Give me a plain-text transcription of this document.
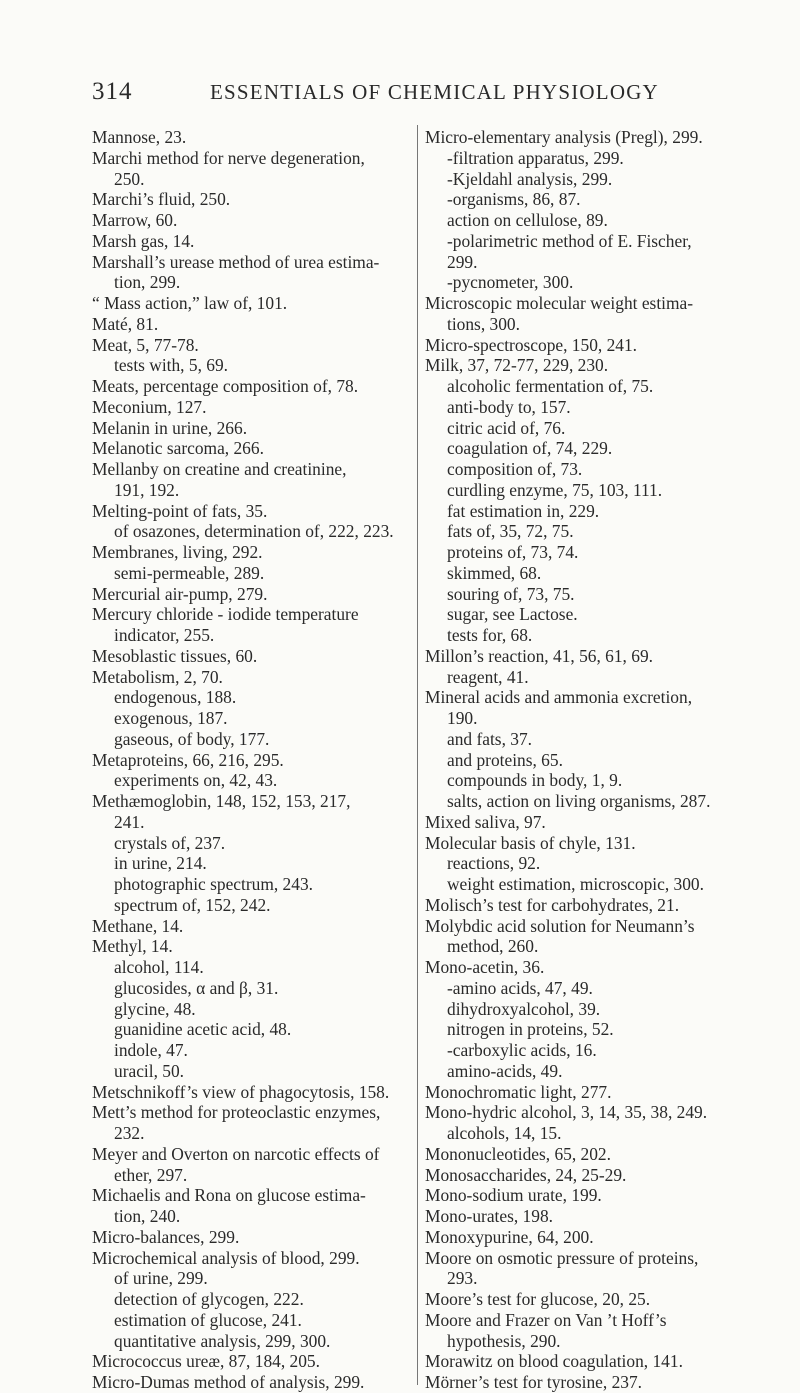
314	ESSENTIALS OF CHEMICAL PHYSIOLOGY

Mannose, 23.

Marchi method for nerve degeneration,

250.

Marchi’s fluid, 250.

Marrow, 60.

Marsh gas, 14.

Marshall’s urease method of urea estima-

tion, 299.

“ Mass action,” law of, 101.

Maté, 81.

Meat, 5, 77-78.

tests with, 5, 69.

Meats, percentage composition of, 78.

Meconium, 127.

Melanin in urine, 266.

Melanotic sarcoma, 266.

Mellanby on creatine and creatinine,

191, 192.

Melting-point of fats, 35.

of osazones, determination of, 222, 223.

Membranes, living, 292.

semi-permeable, 289.

Mercurial air-pump, 279.

Mercury chloride - iodide temperature

indicator, 255.

Mesoblastic tissues, 60.

Metabolism, 2, 70.

endogenous, 188.

exogenous, 187.

gaseous, of body, 177.

Metaproteins, 66, 216, 295.

experiments on, 42, 43.

Methæmoglobin, 148, 152, 153, 217,

241.

crystals of, 237.

in urine, 214.

photographic spectrum, 243.

spectrum of, 152, 242.

Methane, 14.

Methyl, 14.

alcohol, 114.

glucosides, α and β, 31.

glycine, 48.

guanidine acetic acid, 48.

indole, 47.

uracil, 50.

Metschnikoff’s view of phagocytosis, 158.

Mett’s method for proteoclastic enzymes,

232.

Meyer and Overton on narcotic effects of

ether, 297.

Michaelis and Rona on glucose estima-

tion, 240.

Micro-balances, 299.

Microchemical analysis of blood, 299.

of urine, 299.

detection of glycogen, 222.

estimation of glucose, 241.

quantitative analysis, 299, 300.

Micrococcus ureæ, 87, 184, 205.

Micro-Dumas method of analysis, 299.

Micro-elementary analysis (Pregl), 299.

-filtration apparatus, 299.

-Kjeldahl analysis, 299.

-organisms, 86, 87.

action on cellulose, 89.

-polarimetric method of E. Fischer,

299.

-pycnometer, 300.

Microscopic molecular weight estima-

tions, 300.

Micro-spectroscope, 150, 241.

Milk, 37, 72-77, 229, 230.

alcoholic fermentation of, 75.

anti-body to, 157.

citric acid of, 76.

coagulation of, 74, 229.

composition of, 73.

curdling enzyme, 75, 103, 111.

fat estimation in, 229.

fats of, 35, 72, 75.

proteins of, 73, 74.

skimmed, 68.

souring of, 73, 75.

sugar, see Lactose.

tests for, 68.

Millon’s reaction, 41, 56, 61, 69.

reagent, 41.

Mineral acids and ammonia excretion,

190.

and fats, 37.

and proteins, 65.

compounds in body, 1, 9.

salts, action on living organisms, 287.

Mixed saliva, 97.

Molecular basis of chyle, 131.

reactions, 92.

weight estimation, microscopic, 300.

Molisch’s test for carbohydrates, 21.

Molybdic acid solution for Neumann’s

method, 260.

Mono-acetin, 36.

-amino acids, 47, 49.

dihydroxyalcohol, 39.

nitrogen in proteins, 52.

-carboxylic acids, 16.

amino-acids, 49.

Monochromatic light, 277.

Mono-hydric alcohol, 3, 14, 35, 38, 249.

alcohols, 14, 15.

Mononucleotides, 65, 202.

Monosaccharides, 24, 25-29.

Mono-sodium urate, 199.

Mono-urates, 198.

Monoxypurine, 64, 200.

Moore on osmotic pressure of proteins,

293.

Moore’s test for glucose, 20, 25.

Moore and Frazer on Van ’t Hoff’s

hypothesis, 290.

Morawitz on blood coagulation, 141.

Mörner’s test for tyrosine, 237.
